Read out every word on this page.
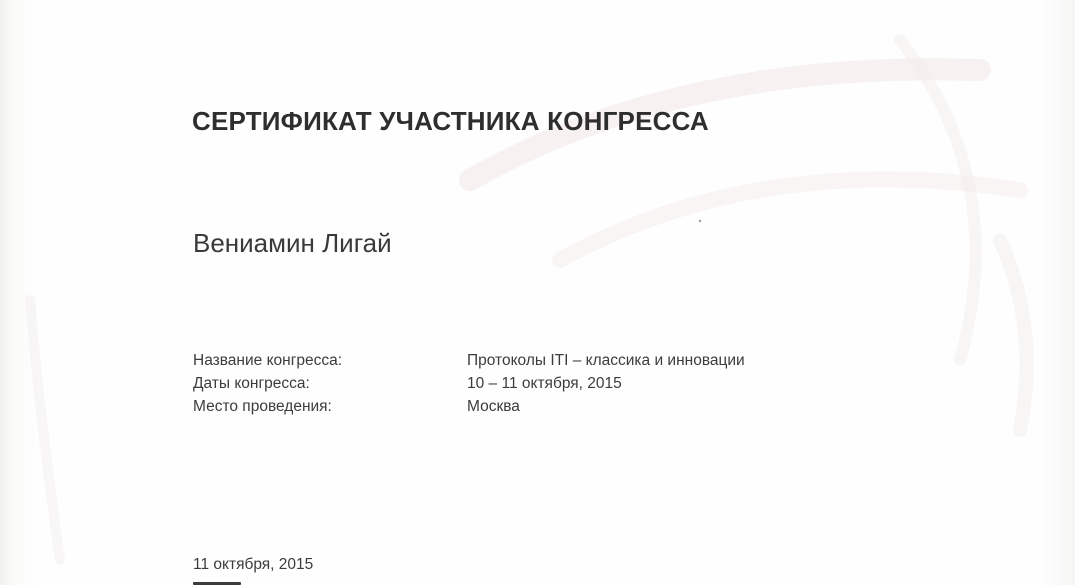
СЕРТИФИКАТ УЧАСТНИКА КОНГРЕССА
Вениамин Лигай
Название конгресса:	Протоколы ITI – классика и инновации
Даты конгресса:	10 – 11 октября, 2015
Место проведения:	Москва
11 октября, 2015
